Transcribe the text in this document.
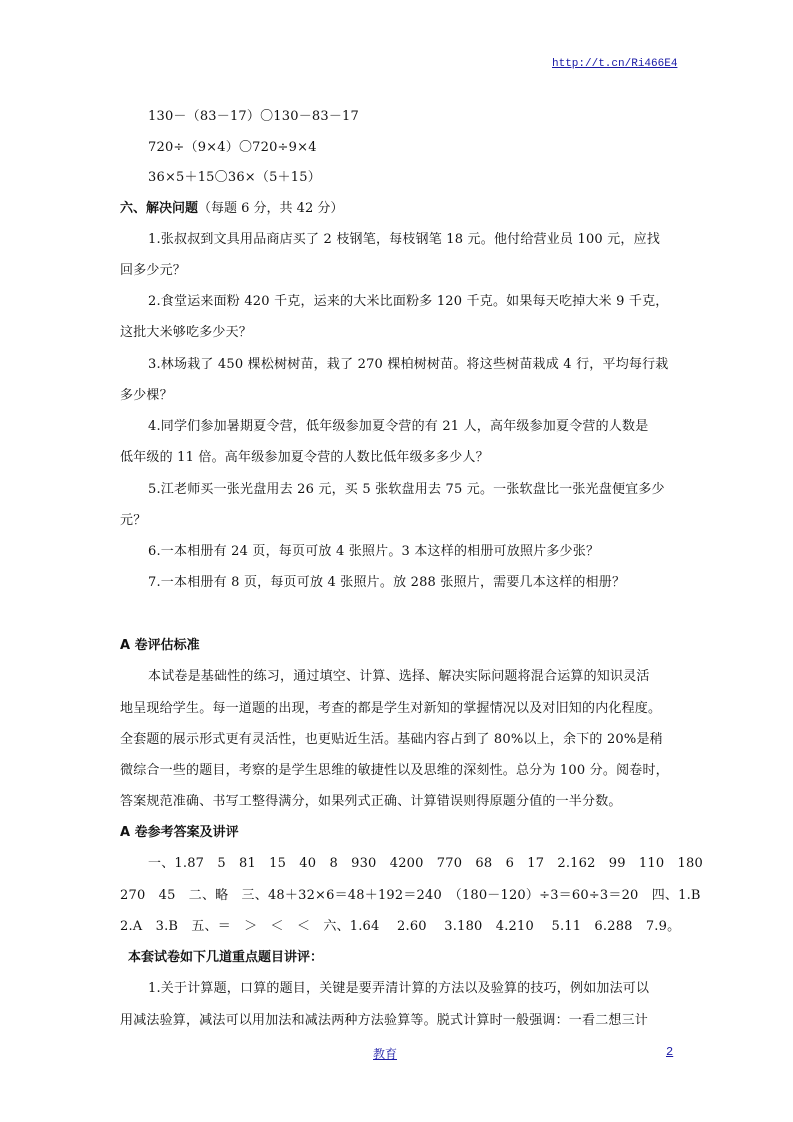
http://t.cn/Ri466E4
130－（83－17）〇130－83－17
720÷（9×4）〇720÷9×4
36×5＋15〇36×（5＋15）
六、解决问题（每题 6 分，共 42 分）
1.张叔叔到文具用品商店买了 2 枝钢笔，每枝钢笔 18 元。他付给营业员 100 元，应找
回多少元？
2.食堂运来面粉 420 千克，运来的大米比面粉多 120 千克。如果每天吃掉大米 9 千克，
这批大米够吃多少天？
3.林场栽了 450 棵松树树苗，栽了 270 棵柏树树苗。将这些树苗栽成 4 行，平均每行栽
多少棵？
4.同学们参加暑期夏令营，低年级参加夏令营的有 21 人，高年级参加夏令营的人数是
低年级的 11 倍。高年级参加夏令营的人数比低年级多多少人？
5.江老师买一张光盘用去 26 元，买 5 张软盘用去 75 元。一张软盘比一张光盘便宜多少
元？
6.一本相册有 24 页，每页可放 4 张照片。3 本这样的相册可放照片多少张？
7.一本相册有 8 页，每页可放 4 张照片。放 288 张照片，需要几本这样的相册？
A 卷评估标准
本试卷是基础性的练习，通过填空、计算、选择、解决实际问题将混合运算的知识灵活
地呈现给学生。每一道题的出现，考查的都是学生对新知的掌握情况以及对旧知的内化程度。
全套题的展示形式更有灵活性，也更贴近生活。基础内容占到了 80%以上，余下的 20%是稍
微综合一些的题目，考察的是学生思维的敏捷性以及思维的深刻性。总分为 100 分。阅卷时，
答案规范准确、书写工整得满分，如果列式正确、计算错误则得原题分值的一半分数。
A 卷参考答案及讲评
一、1.87　5　81　15　40　8　930　4200　770　68　6　17　2.162　99　110　180
270　45　二、略　三、48＋32×6＝48＋192＝240　（180－120）÷3＝60÷3＝20　四、1.B
2.A　3.B　五、＝　＞　＜　＜　六、1.64　 2.60　 3.180　4.210　 5.11　6.288　7.9。
本套试卷如下几道重点题目讲评：
1.关于计算题，口算的题目，关键是要弄清计算的方法以及验算的技巧，例如加法可以
用减法验算，减法可以用加法和减法两种方法验算等。脱式计算时一般强调：一看二想三计
教育	2
